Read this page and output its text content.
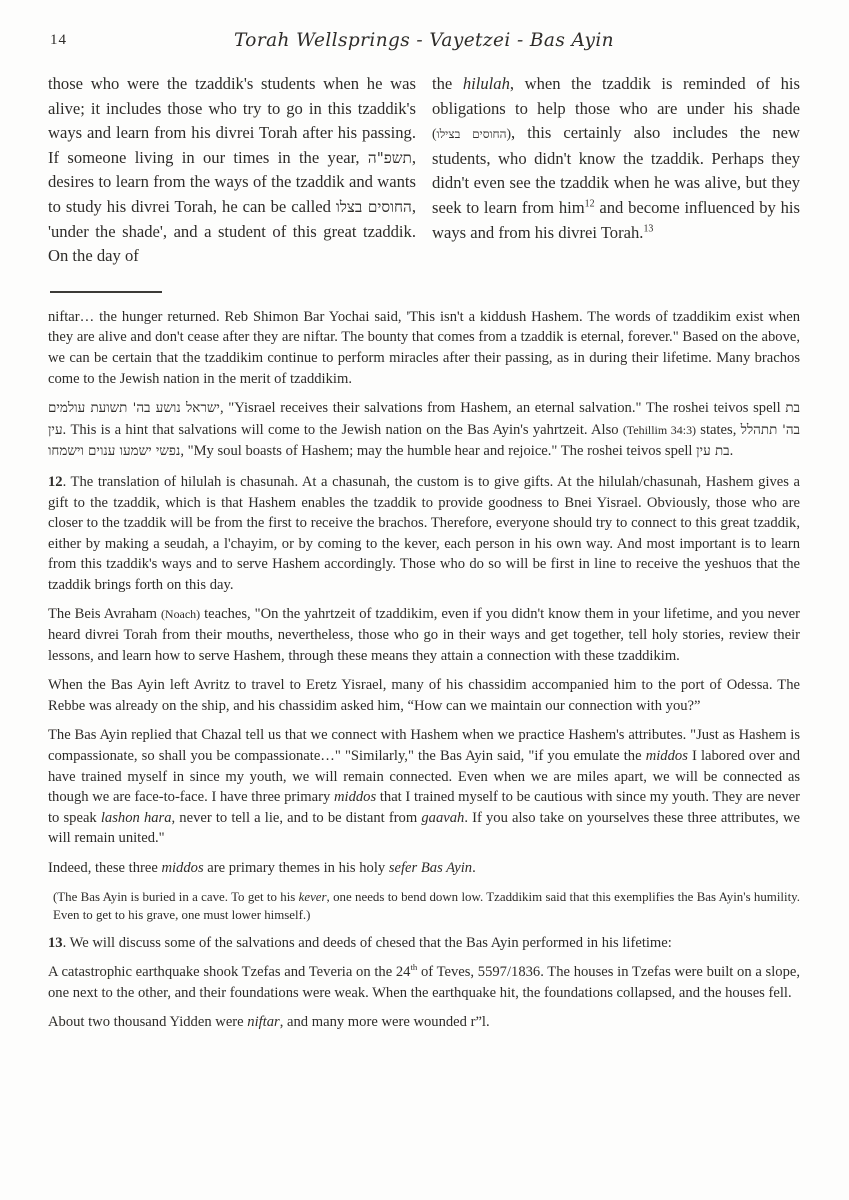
14	Torah Wellsprings - Vayetzei - Bas Ayin
those who were the tzaddik's students when he was alive; it includes those who try to go in this tzaddik's ways and learn from his divrei Torah after his passing. If someone living in our times in the year, תשפ"ה, desires to learn from the ways of the tzaddik and wants to study his divrei Torah, he can be called החוסים בצלו, 'under the shade', and a student of this great tzaddik. On the day of
the hilulah, when the tzaddik is reminded of his obligations to help those who are under his shade (החוסים בצילו), this certainly also includes the new students, who didn't know the tzaddik. Perhaps they didn't even see the tzaddik when he was alive, but they seek to learn from him$^{12}$ and become influenced by his ways and from his divrei Torah.$^{13}$

niftar… the hunger returned. Reb Shimon Bar Yochai said, 'This isn't a kiddush Hashem. The words of tzaddikim exist when they are alive and don't cease after they are niftar. The bounty that comes from a tzaddik is eternal, forever." Based on the above, we can be certain that the tzaddikim continue to perform miracles after their passing, as in during their lifetime. Many brachos come to the Jewish nation in the merit of tzaddikim.

ישראל נושע בה' תשועת עולמים, "Yisrael receives their salvations from Hashem, an eternal salvation." The roshei teivos spell בת עין. This is a hint that salvations will come to the Jewish nation on the Bas Ayin's yahrtzeit. Also (Tehillim 34:3) states, בה' תתהלל נפשי ישמעו ענוים וישמחו, "My soul boasts of Hashem; may the humble hear and rejoice." The roshei teivos spell בת עין.

12. The translation of hilulah is chasunah. At a chasunah, the custom is to give gifts. At the hilulah/chasunah, Hashem gives a gift to the tzaddik, which is that Hashem enables the tzaddik to provide goodness to Bnei Yisrael. Obviously, those who are closer to the tzaddik will be from the first to receive the brachos. Therefore, everyone should try to connect to this great tzaddik, either by making a seudah, a l'chayim, or by coming to the kever, each person in his own way. And most important is to learn from this tzaddik's ways and to serve Hashem accordingly. Those who do so will be first in line to receive the yeshuos that the tzaddik brings forth on this day.

The Beis Avraham (Noach) teaches, "On the yahrtzeit of tzaddikim, even if you didn't know them in your lifetime, and you never heard divrei Torah from their mouths, nevertheless, those who go in their ways and get together, tell holy stories, review their lessons, and learn how to serve Hashem, through these means they attain a connection with these tzaddikim.

When the Bas Ayin left Avritz to travel to Eretz Yisrael, many of his chassidim accompanied him to the port of Odessa. The Rebbe was already on the ship, and his chassidim asked him, “How can we maintain our connection with you?”

The Bas Ayin replied that Chazal tell us that we connect with Hashem when we practice Hashem's attributes. "Just as Hashem is compassionate, so shall you be compassionate…" "Similarly," the Bas Ayin said, "if you emulate the middos I labored over and have trained myself in since my youth, we will remain connected. Even when we are miles apart, we will be connected as though we are face-to-face. I have three primary middos that I trained myself to be cautious with since my youth. They are never to speak lashon hara, never to tell a lie, and to be distant from gaavah. If you also take on yourselves these three attributes, we will remain united."

Indeed, these three middos are primary themes in his holy sefer Bas Ayin.

(The Bas Ayin is buried in a cave. To get to his kever, one needs to bend down low. Tzaddikim said that this exemplifies the Bas Ayin's humility. Even to get to his grave, one must lower himself.)

13. We will discuss some of the salvations and deeds of chesed that the Bas Ayin performed in his lifetime:

A catastrophic earthquake shook Tzefas and Teveria on the 24th of Teves, 5597/1836. The houses in Tzefas were built on a slope, one next to the other, and their foundations were weak. When the earthquake hit, the foundations collapsed, and the houses fell.

About two thousand Yidden were niftar, and many more were wounded r”l.
